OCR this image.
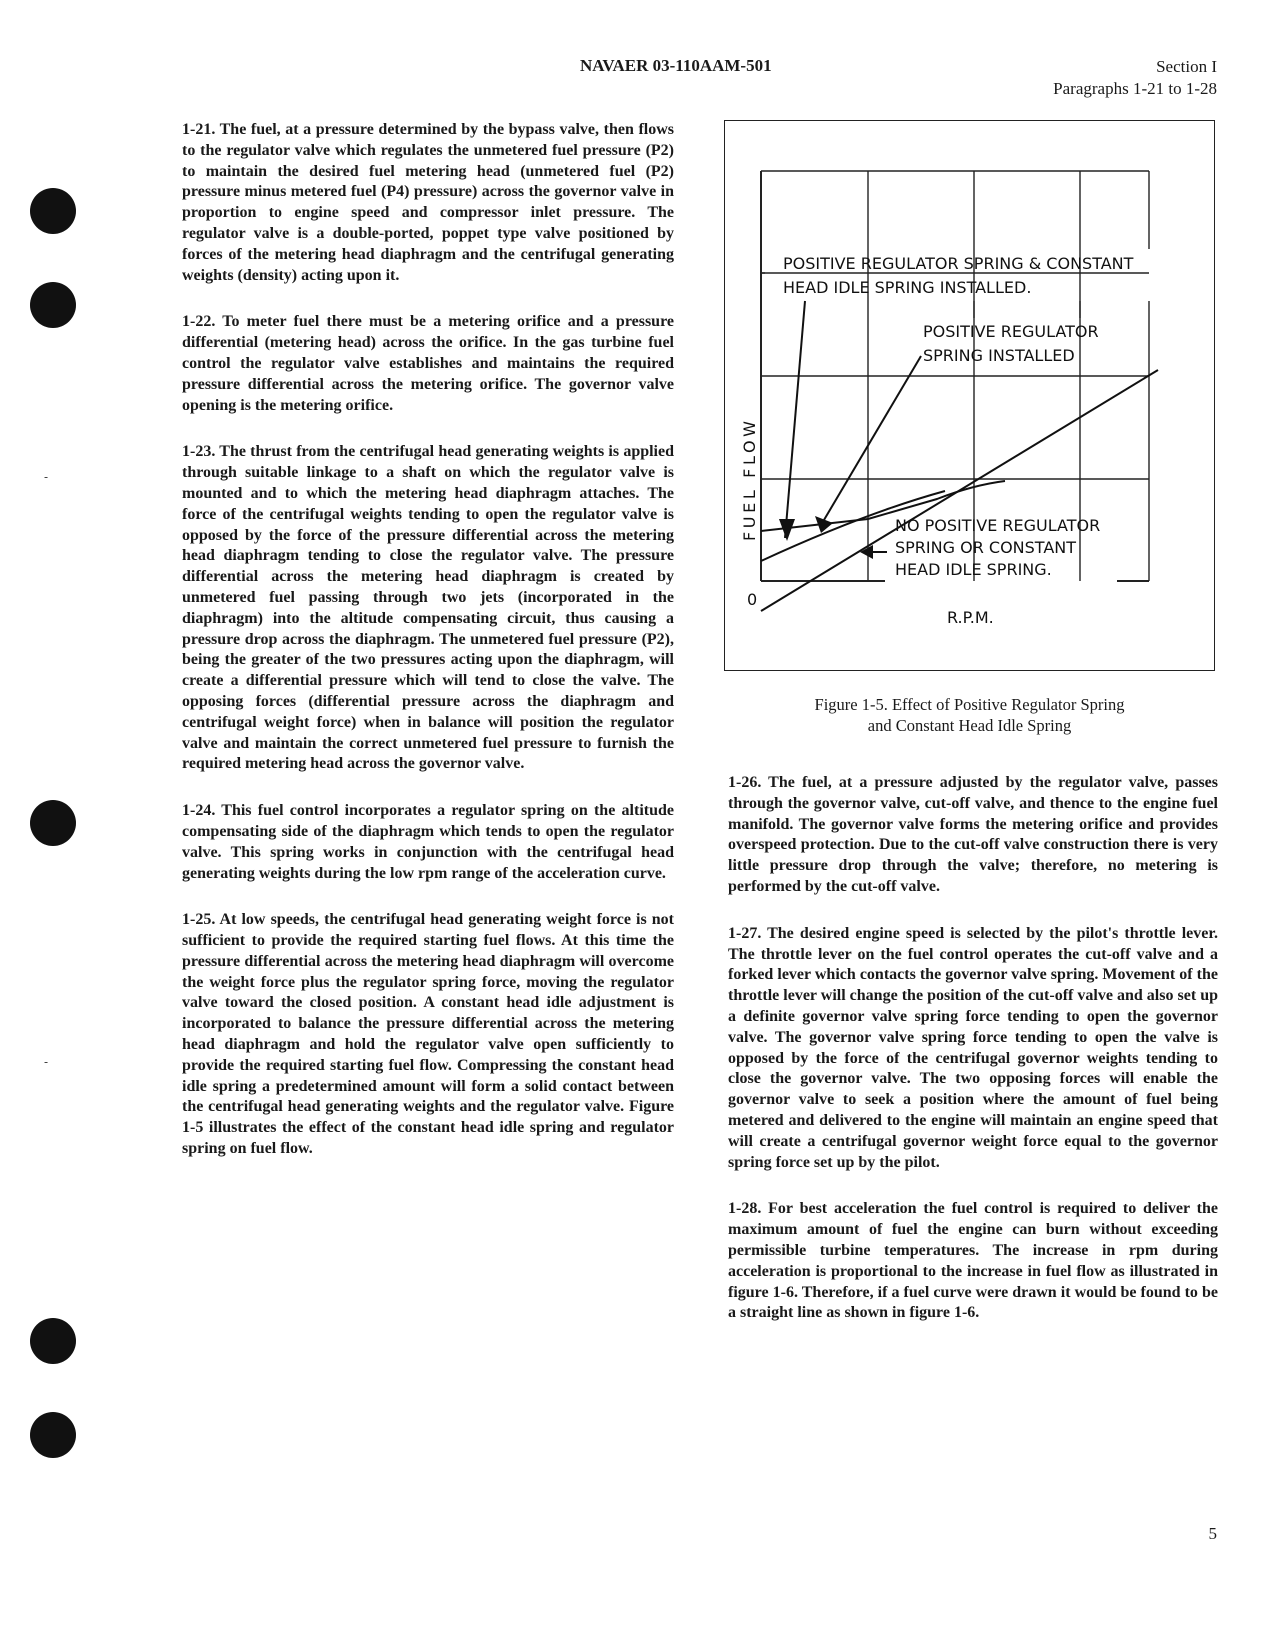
-
-
NAVAER 03-110AAM-501	Section I
Paragraphs 1-21 to 1-28

1-21. The fuel, at a pressure determined by the bypass valve, then flows to the regulator valve which regulates the unmetered fuel pressure (P2) to maintain the desired fuel metering head (unmetered fuel (P2) pressure minus metered fuel (P4) pressure) across the governor valve in proportion to engine speed and compressor inlet pressure. The regulator valve is a double-ported, poppet type valve positioned by forces of the metering head diaphragm and the centrifugal generating weights (density) acting upon it.

1-22. To meter fuel there must be a metering orifice and a pressure differential (metering head) across the orifice. In the gas turbine fuel control the regulator valve establishes and maintains the required pressure differential across the metering orifice. The governor valve opening is the metering orifice.

1-23. The thrust from the centrifugal head generating weights is applied through suitable linkage to a shaft on which the regulator valve is mounted and to which the metering head diaphragm attaches. The force of the centrifugal weights tending to open the regulator valve is opposed by the force of the pressure differential across the metering head diaphragm tending to close the regulator valve. The pressure differential across the metering head diaphragm is created by unmetered fuel passing through two jets (incorporated in the diaphragm) into the altitude compensating circuit, thus causing a pressure drop across the diaphragm. The unmetered fuel pressure (P2), being the greater of the two pressures acting upon the diaphragm, will create a differential pressure which will tend to close the valve. The opposing forces (differential pressure across the diaphragm and centrifugal weight force) when in balance will position the regulator valve and maintain the correct unmetered fuel pressure to furnish the required metering head across the governor valve.

1-24. This fuel control incorporates a regulator spring on the altitude compensating side of the diaphragm which tends to open the regulator valve. This spring works in conjunction with the centrifugal head generating weights during the low rpm range of the acceleration curve.

1-25. At low speeds, the centrifugal head generating weight force is not sufficient to provide the required starting fuel flows. At this time the pressure differential across the metering head diaphragm will overcome the weight force plus the regulator spring force, moving the regulator valve toward the closed position. A constant head idle adjustment is incorporated to balance the pressure differential across the metering head diaphragm and hold the regulator valve open sufficiently to provide the required starting fuel flow. Compressing the constant head idle spring a predetermined amount will form a solid contact between the centrifugal head generating weights and the regulator valve. Figure 1-5 illustrates the effect of the constant head idle spring and regulator spring on fuel flow.

POSITIVE REGULATOR SPRING & CONSTANT
HEAD IDLE SPRING INSTALLED.
POSITIVE REGULATOR
SPRING INSTALLED
NO POSITIVE REGULATOR
SPRING OR CONSTANT
HEAD IDLE SPRING.
FUEL FLOW
0
R.P.M.
Figure 1-5. Effect of Positive Regulator Spring
and Constant Head Idle Spring

1-26. The fuel, at a pressure adjusted by the regulator valve, passes through the governor valve, cut-off valve, and thence to the engine fuel manifold. The governor valve forms the metering orifice and provides overspeed protection. Due to the cut-off valve construction there is very little pressure drop through the valve; therefore, no metering is performed by the cut-off valve.

1-27. The desired engine speed is selected by the pilot's throttle lever. The throttle lever on the fuel control operates the cut-off valve and a forked lever which contacts the governor valve spring. Movement of the throttle lever will change the position of the cut-off valve and also set up a definite governor valve spring force tending to open the governor valve. The governor valve spring force tending to open the valve is opposed by the force of the centrifugal governor weights tending to close the governor valve. The two opposing forces will enable the governor valve to seek a position where the amount of fuel being metered and delivered to the engine will maintain an engine speed that will create a centrifugal governor weight force equal to the governor spring force set up by the pilot.

1-28. For best acceleration the fuel control is required to deliver the maximum amount of fuel the engine can burn without exceeding permissible turbine temperatures. The increase in rpm during acceleration is proportional to the increase in fuel flow as illustrated in figure 1-6. Therefore, if a fuel curve were drawn it would be found to be a straight line as shown in figure 1-6.

5
